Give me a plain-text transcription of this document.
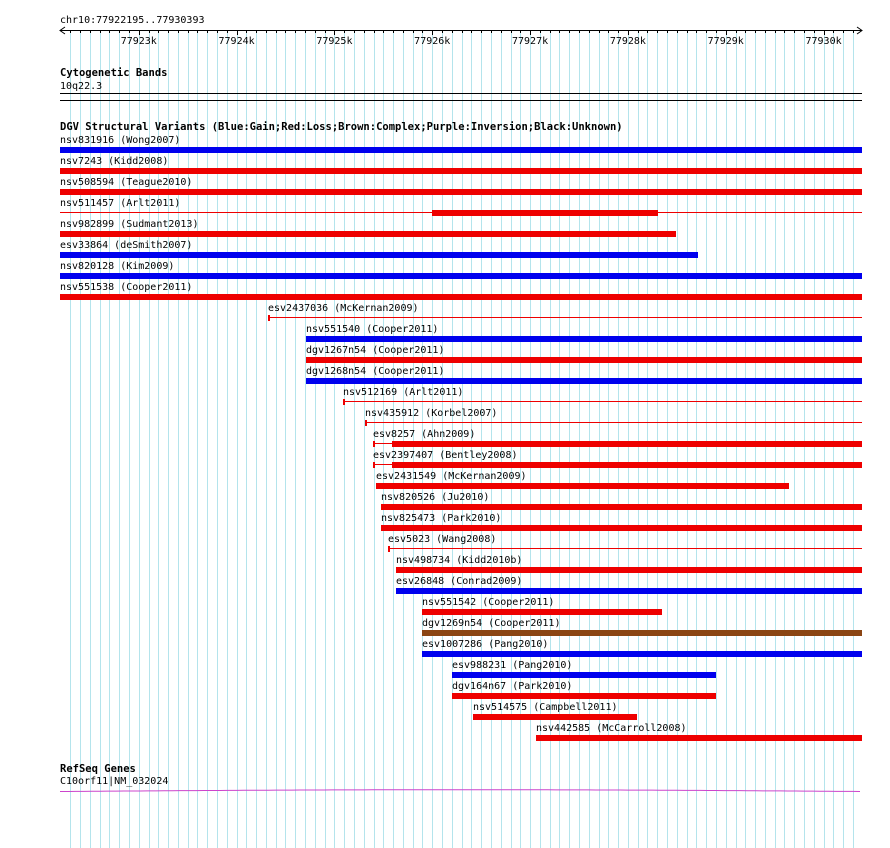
chr10:77922195..77930393
77923k	77924k	77925k	77926k	77927k	77928k	77929k	77930k
Cytogenetic Bands
10q22.3
DGV Structural Variants (Blue:Gain;Red:Loss;Brown:Complex;Purple:Inversion;Black:Unknown)
nsv831916 (Wong2007)
nsv7243 (Kidd2008)
nsv508594 (Teague2010)
nsv511457 (Arlt2011)
nsv982899 (Sudmant2013)
esv33864 (deSmith2007)
nsv820128 (Kim2009)
nsv551538 (Cooper2011)
esv2437036 (McKernan2009)
nsv551540 (Cooper2011)
dgv1267n54 (Cooper2011)
dgv1268n54 (Cooper2011)
nsv512169 (Arlt2011)
nsv435912 (Korbel2007)
esv8257 (Ahn2009)
esv2397407 (Bentley2008)
esv2431549 (McKernan2009)
nsv820526 (Ju2010)
nsv825473 (Park2010)
esv5023 (Wang2008)
nsv498734 (Kidd2010b)
esv26848 (Conrad2009)
nsv551542 (Cooper2011)
dgv1269n54 (Cooper2011)
esv1007286 (Pang2010)
esv988231 (Pang2010)
dgv164n67 (Park2010)
nsv514575 (Campbell2011)
nsv442585 (McCarroll2008)
RefSeq Genes
C10orf11|NM_032024
